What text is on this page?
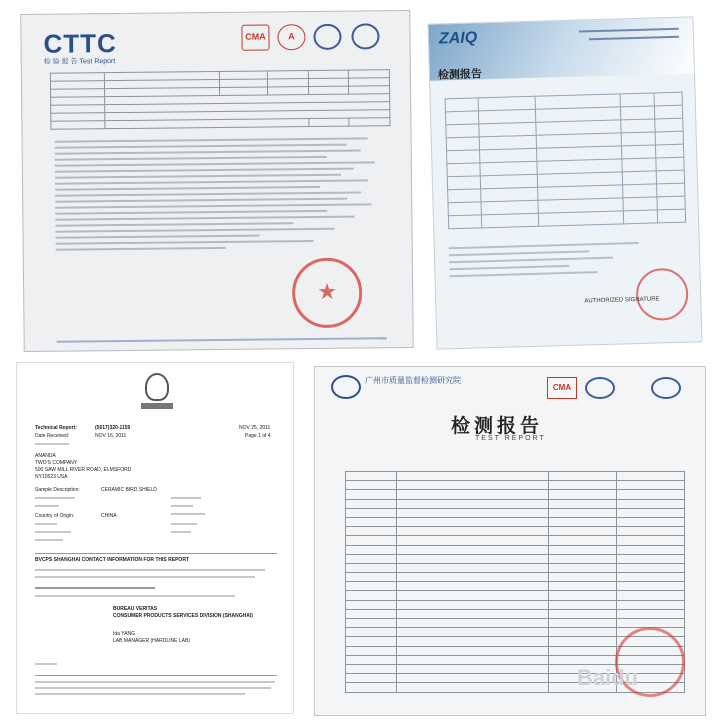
CTTC
检 验 报 告 Test Report
CMA	A

★
ZAIQ
检测报告

AUTHORIZED SIGNATURE
Technical Report:	(5617)320-1159	NOV 25, 2011
Page 1 of 4
Date Received:	NOV 16, 2011
ANANDA
TWO'S COMPANY
500 SAW MILL RIVER ROAD, ELMSFORD
NY10523 USA
Sample Description:	CERAMIC BIRD SHIELD
Country of Origin:	CHINA
BVCPS SHANGHAI CONTACT INFORMATION FOR THIS REPORT
BUREAU VERITAS
CONSUMER PRODUCTS SERVICES DIVISION (SHANGHAI)
Ida YANG
LAB MANAGER (HARDLINE LAB)
广州市质量监督检测研究院
CMA
检测报告
TEST REPORT

Baidu
